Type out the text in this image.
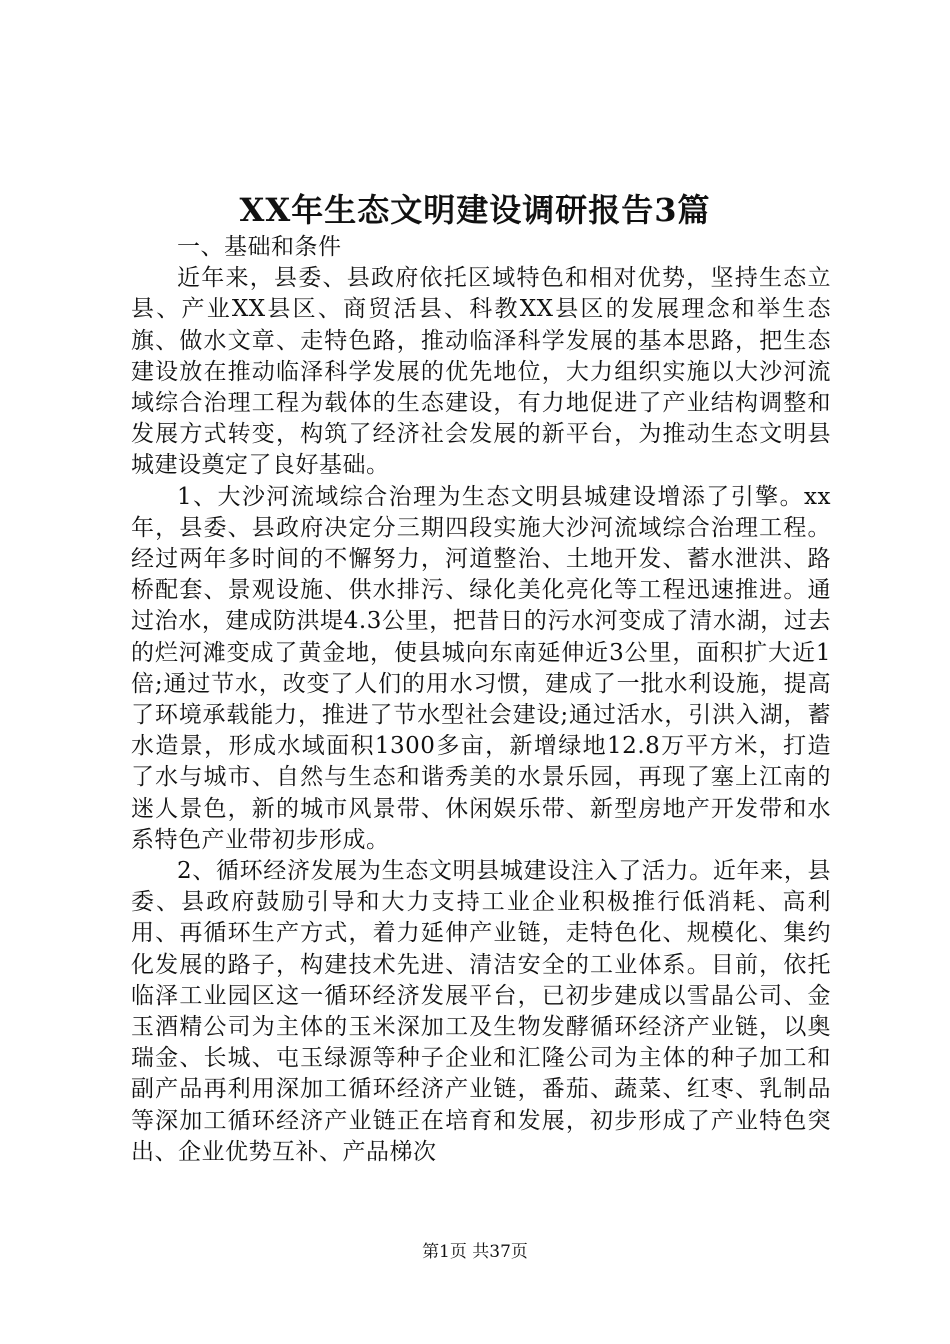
XX年生态文明建设调研报告3篇

一、基础和条件

近年来，县委、县政府依托区域特色和相对优势，坚持生态立县、产业XX县区、商贸活县、科教XX县区的发展理念和举生态旗、做水文章、走特色路，推动临泽科学发展的基本思路，把生态建设放在推动临泽科学发展的优先地位，大力组织实施以大沙河流域综合治理工程为载体的生态建设，有力地促进了产业结构调整和发展方式转变，构筑了经济社会发展的新平台，为推动生态文明县城建设奠定了良好基础。

1、大沙河流域综合治理为生态文明县城建设增添了引擎。xx年，县委、县政府决定分三期四段实施大沙河流域综合治理工程。经过两年多时间的不懈努力，河道整治、土地开发、蓄水泄洪、路桥配套、景观设施、供水排污、绿化美化亮化等工程迅速推进。通过治水，建成防洪堤4.3公里，把昔日的污水河变成了清水湖，过去的烂河滩变成了黄金地，使县城向东南延伸近3公里，面积扩大近1倍;通过节水，改变了人们的用水习惯，建成了一批水利设施，提高了环境承载能力，推进了节水型社会建设;通过活水，引洪入湖，蓄水造景，形成水域面积1300多亩，新增绿地12.8万平方米，打造了水与城市、自然与生态和谐秀美的水景乐园，再现了塞上江南的迷人景色，新的城市风景带、休闲娱乐带、新型房地产开发带和水系特色产业带初步形成。

2、循环经济发展为生态文明县城建设注入了活力。近年来，县委、县政府鼓励引导和大力支持工业企业积极推行低消耗、高利用、再循环生产方式，着力延伸产业链，走特色化、规模化、集约化发展的路子，构建技术先进、清洁安全的工业体系。目前，依托临泽工业园区这一循环经济发展平台，已初步建成以雪晶公司、金玉酒精公司为主体的玉米深加工及生物发酵循环经济产业链，以奥瑞金、长城、屯玉绿源等种子企业和汇隆公司为主体的种子加工和副产品再利用深加工循环经济产业链，番茄、蔬菜、红枣、乳制品等深加工循环经济产业链正在培育和发展，初步形成了产业特色突出、企业优势互补、产品梯次

第1页 共37页
